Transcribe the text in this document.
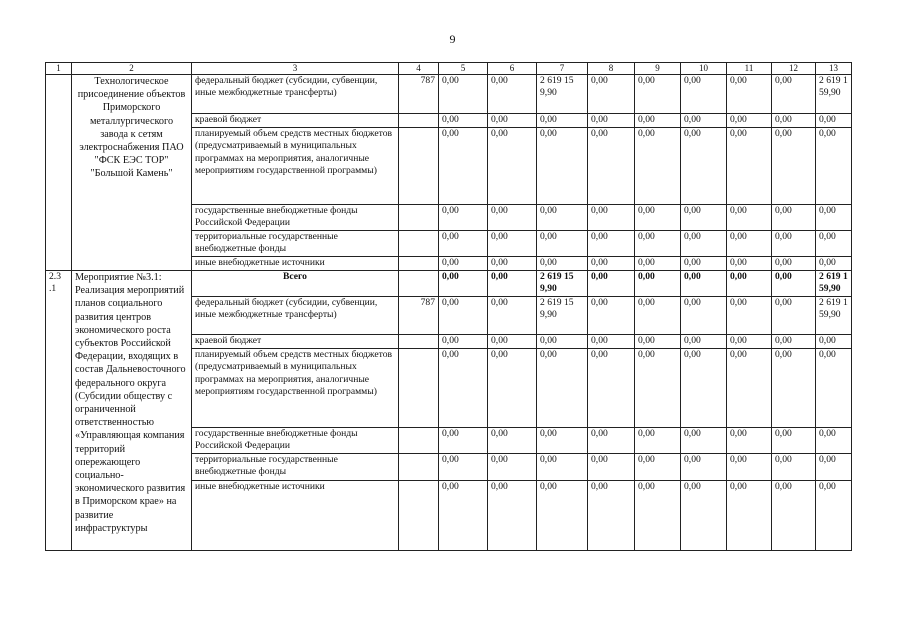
9
1	2	3	4	5	6	7	8	9	10	11	12	13
	Технологическое присоединение объектов Приморского металлургического завода к сетям электроснабжения ПАО "ФСК ЕЭС ТОР" "Большой Камень"	федеральный бюджет (субсидии, субвенции, иные межбюджетные трансферты)	787	0,00	0,00	2 619 15 9,90	0,00	0,00	0,00	0,00	0,00	2 619 1 59,90
		краевой бюджет		0,00	0,00	0,00	0,00	0,00	0,00	0,00	0,00	0,00
		планируемый объем средств местных бюджетов (предусматриваемый в муниципальных программах на мероприятия, аналогичные мероприятиям государственной программы)		0,00	0,00	0,00	0,00	0,00	0,00	0,00	0,00	0,00
		государственные внебюджетные фонды Российской Федерации		0,00	0,00	0,00	0,00	0,00	0,00	0,00	0,00	0,00
		территориальные государственные внебюджетные фонды		0,00	0,00	0,00	0,00	0,00	0,00	0,00	0,00	0,00
		иные внебюджетные источники		0,00	0,00	0,00	0,00	0,00	0,00	0,00	0,00	0,00
2.3 .1	Мероприятие №3.1: Реализация мероприятий планов социального развития центров экономического роста субъектов Российской Федерации, входящих в состав Дальневосточного федерального округа (Субсидии обществу с ограниченной ответственностью «Управляющая компания территорий опережающего социально-экономического развития в Приморском крае» на развитие инфраструктуры	Всего		0,00	0,00	2 619 15 9,90	0,00	0,00	0,00	0,00	0,00	2 619 1 59,90
		федеральный бюджет (субсидии, субвенции, иные межбюджетные трансферты)	787	0,00	0,00	2 619 15 9,90	0,00	0,00	0,00	0,00	0,00	2 619 1 59,90
		краевой бюджет		0,00	0,00	0,00	0,00	0,00	0,00	0,00	0,00	0,00
		планируемый объем средств местных бюджетов (предусматриваемый в муниципальных программах на мероприятия, аналогичные мероприятиям государственной программы)		0,00	0,00	0,00	0,00	0,00	0,00	0,00	0,00	0,00
		государственные внебюджетные фонды Российской Федерации		0,00	0,00	0,00	0,00	0,00	0,00	0,00	0,00	0,00
		территориальные государственные внебюджетные фонды		0,00	0,00	0,00	0,00	0,00	0,00	0,00	0,00	0,00
		иные внебюджетные источники		0,00	0,00	0,00	0,00	0,00	0,00	0,00	0,00	0,00
